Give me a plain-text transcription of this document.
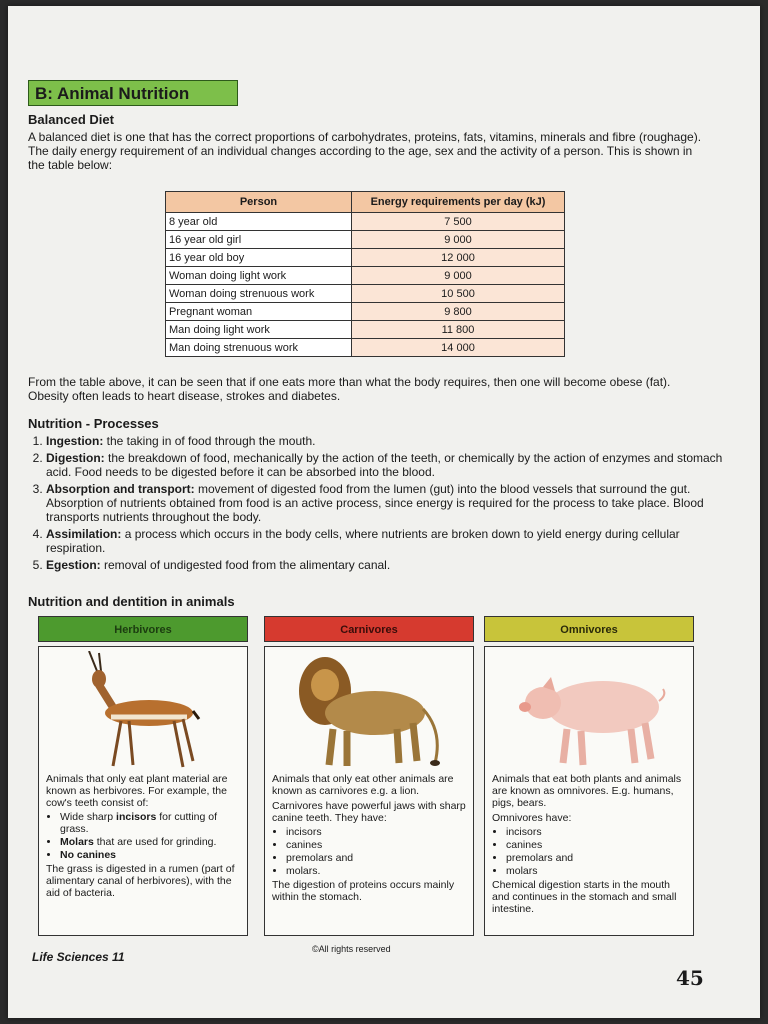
B: Animal Nutrition
Balanced Diet
A balanced diet is one that has the correct proportions of carbohydrates, proteins, fats, vitamins, minerals and fibre (roughage). The daily energy requirement of an individual changes according to the age, sex and the activity of a person. This is shown in the table below:
Person	Energy requirements per day (kJ)
8 year old	7 500
16 year old girl	9 000
16 year old boy	12 000
Woman doing light work	9 000
Woman doing strenuous work	10 500
Pregnant woman	9 800
Man doing light work	11 800
Man doing strenuous work	14 000
From the table above, it can be seen that if one eats more than what the body requires, then one will become obese (fat). Obesity often leads to heart disease, strokes and diabetes.
Nutrition - Processes
1. Ingestion: the taking in of food through the mouth.
2. Digestion: the breakdown of food, mechanically by the action of the teeth, or chemically by the action of enzymes and stomach acid. Food needs to be digested before it can be absorbed into the blood.
3. Absorption and transport: movement of digested food from the lumen (gut) into the blood vessels that surround the gut. Absorption of nutrients obtained from food is an active process, since energy is required for the process to take place. Blood transports nutrients throughout the body.
4. Assimilation: a process which occurs in the body cells, where nutrients are broken down to yield energy during cellular respiration.
5. Egestion: removal of undigested food from the alimentary canal.
Nutrition and dentition in animals
Herbivores
Animals that only eat plant material are known as herbivores. For example, the cow's teeth consist of:
• Wide sharp incisors for cutting of grass.
• Molars that are used for grinding.
• No canines
The grass is digested in a rumen (part of alimentary canal of herbivores), with the aid of bacteria.
Carnivores
Animals that only eat other animals are known as carnivores e.g. a lion.
Carnivores have powerful jaws with sharp canine teeth. They have:
• incisors
• canines
• premolars and
• molars.
The digestion of proteins occurs mainly within the stomach.
Omnivores
Animals that eat both plants and animals are known as omnivores. E.g. humans, pigs, bears.
Omnivores have:
• incisors
• canines
• premolars and
• molars
Chemical digestion starts in the mouth and continues in the stomach and small intestine.
Life Sciences 11
©All rights reserved
45
